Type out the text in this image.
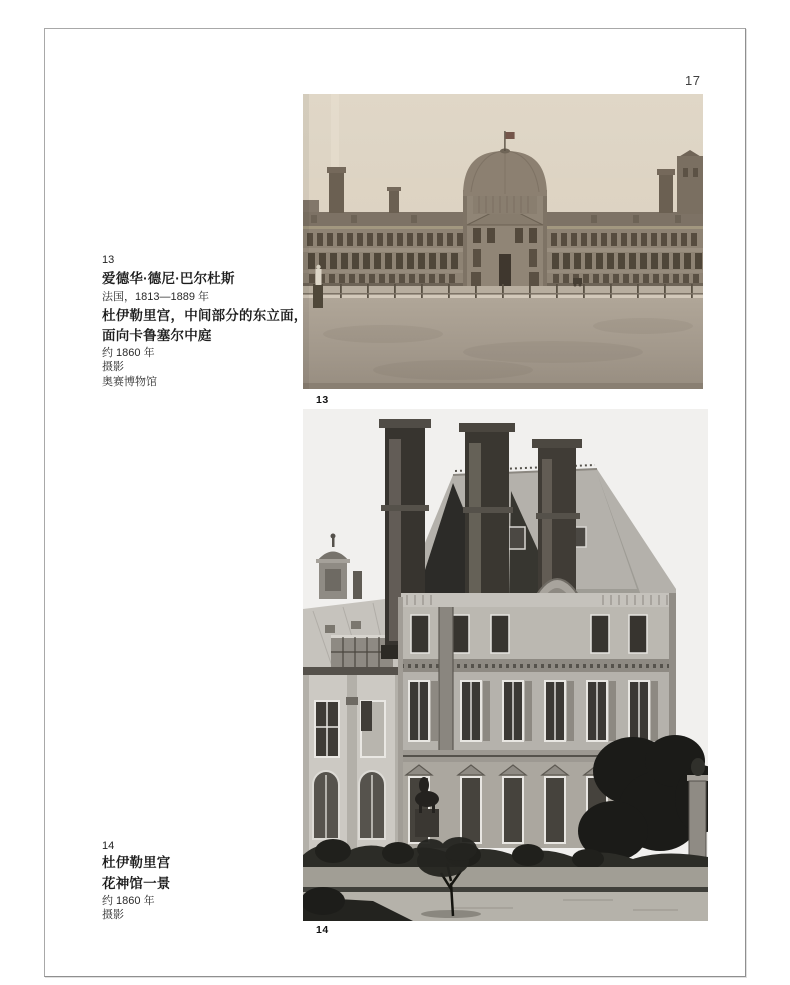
17
13
13
爱德华·德尼·巴尔杜斯
法国，1813—1889 年
杜伊勒里宫，中间部分的东立面，
面向卡鲁塞尔中庭
约 1860 年
摄影
奥赛博物馆
14
14
杜伊勒里宫
花神馆一景
约 1860 年
摄影
